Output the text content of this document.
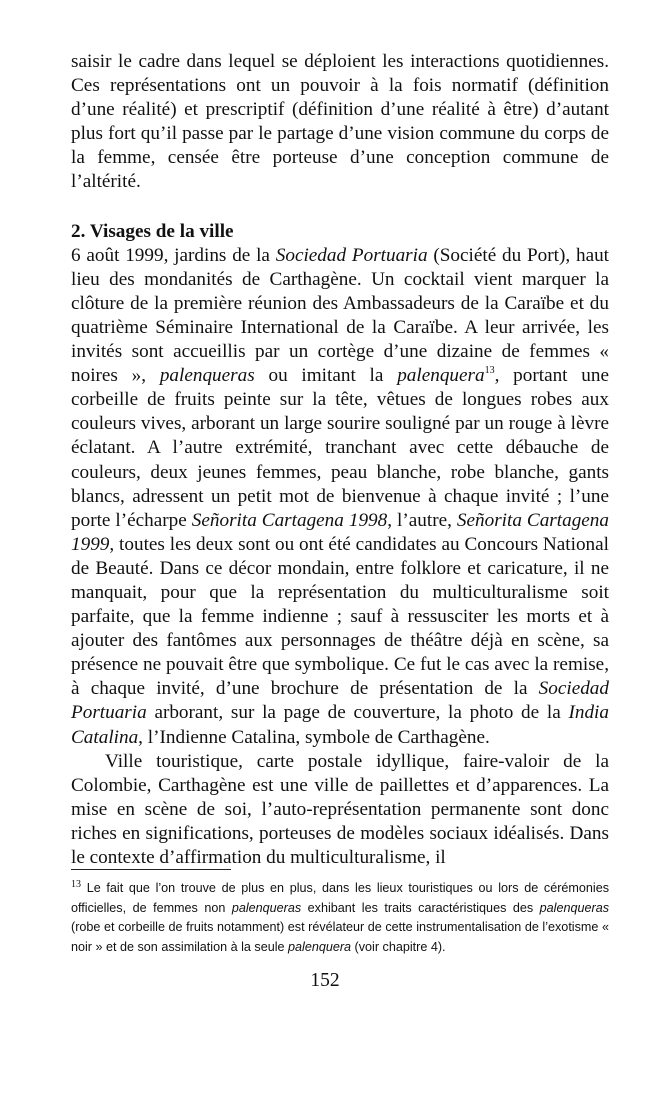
saisir le cadre dans lequel se déploient les interactions quotidiennes. Ces représentations ont un pouvoir à la fois normatif (définition d’une réalité) et prescriptif (définition d’une réalité à être) d’autant plus fort qu’il passe par le partage d’une vision commune du corps de la femme, censée être porteuse d’une conception commune de l’altérité.

2. Visages de la ville

6 août 1999, jardins de la Sociedad Portuaria (Société du Port), haut lieu des mondanités de Carthagène. Un cocktail vient marquer la clôture de la première réunion des Ambassadeurs de la Caraïbe et du quatrième Séminaire International de la Caraïbe. A leur arrivée, les invités sont accueillis par un cortège d’une dizaine de femmes « noires », palenqueras ou imitant la palenquera$^{13}$, portant une corbeille de fruits peinte sur la tête, vêtues de longues robes aux couleurs vives, arborant un large sourire souligné par un rouge à lèvre éclatant. A l’autre extrémité, tranchant avec cette débauche de couleurs, deux jeunes femmes, peau blanche, robe blanche, gants blancs, adressent un petit mot de bienvenue à chaque invité ; l’une porte l’écharpe Señorita Cartagena 1998, l’autre, Señorita Cartagena 1999, toutes les deux sont ou ont été candidates au Concours National de Beauté. Dans ce décor mondain, entre folklore et caricature, il ne manquait, pour que la représentation du multiculturalisme soit parfaite, que la femme indienne ; sauf à ressusciter les morts et à ajouter des fantômes aux personnages de théâtre déjà en scène, sa présence ne pouvait être que symbolique. Ce fut le cas avec la remise, à chaque invité, d’une brochure de présentation de la Sociedad Portuaria arborant, sur la page de couverture, la photo de la India Catalina, l’Indienne Catalina, symbole de Carthagène.

Ville touristique, carte postale idyllique, faire-valoir de la Colombie, Carthagène est une ville de paillettes et d’apparences. La mise en scène de soi, l’auto-représentation permanente sont donc riches en significations, porteuses de modèles sociaux idéalisés. Dans le contexte d’affirmation du multiculturalisme, il

$^{13}$ Le fait que l’on trouve de plus en plus, dans les lieux touristiques ou lors de cérémonies officielles, de femmes non palenqueras exhibant les traits caractéristiques des palenqueras (robe et corbeille de fruits notamment) est révélateur de cette instrumentalisation de l’exotisme « noir » et de son assimilation à la seule palenquera (voir chapitre 4).

152
